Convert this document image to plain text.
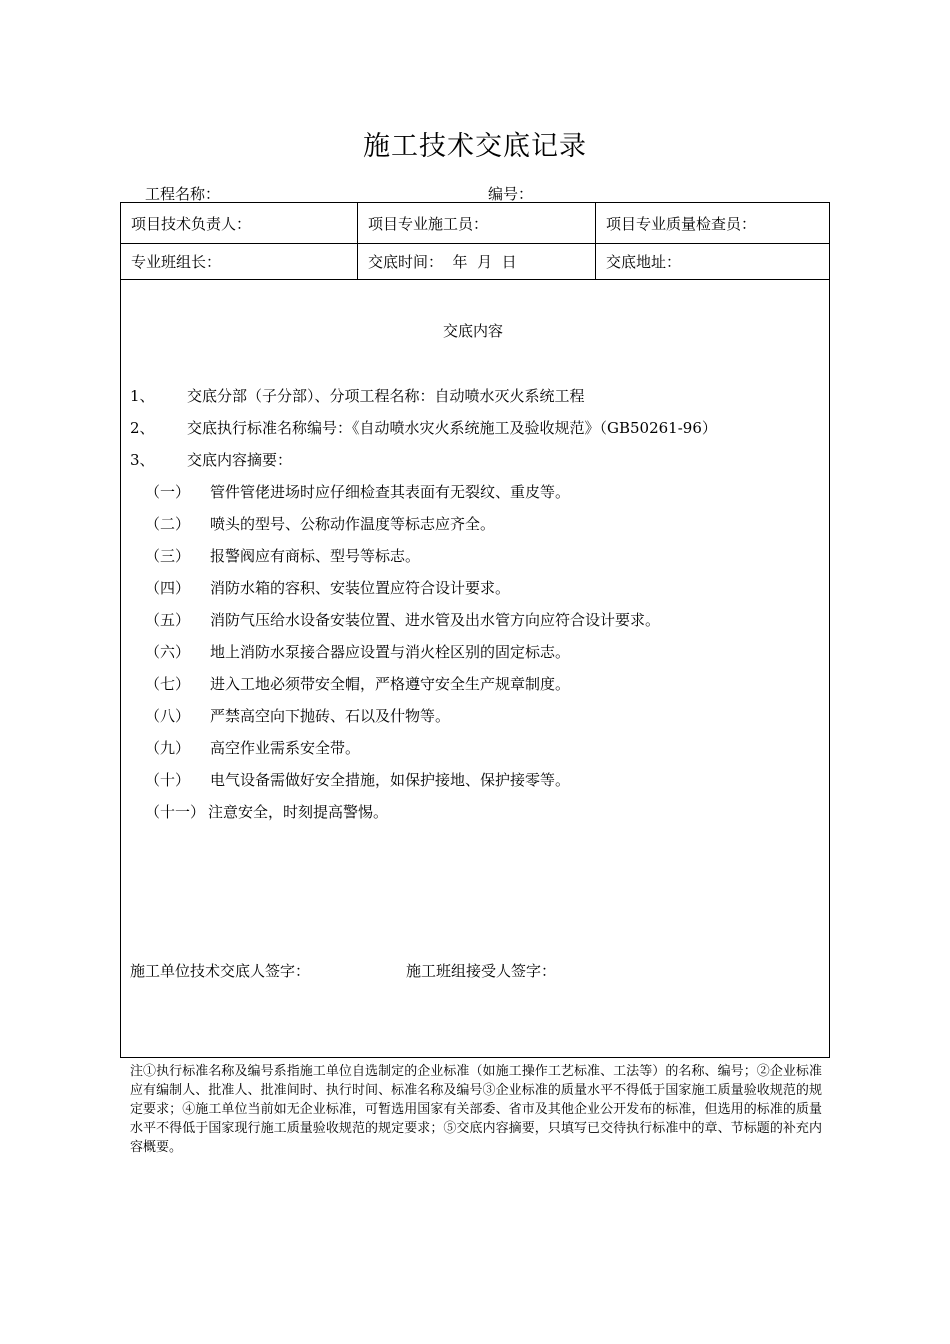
施工技术交底记录
工程名称：	编号：
项目技术负责人：	项目专业施工员：	项目专业质量检查员：
专业班组长：	交底时间：  年  月  日	交底地址：
交底内容
1、 交底分部（子分部）、分项工程名称：自动喷水灭火系统工程
2、 交底执行标准名称编号：《自动喷水灾火系统施工及验收规范》（GB50261-96）
3、 交底内容摘要：
（一） 管件管佬进场时应仔细检查其表面有无裂纹、重皮等。
（二） 喷头的型号、公称动作温度等标志应齐全。
（三） 报警阀应有商标、型号等标志。
（四） 消防水箱的容积、安装位置应符合设计要求。
（五） 消防气压给水设备安装位置、进水管及出水管方向应符合设计要求。
（六） 地上消防水泵接合器应设置与消火栓区别的固定标志。
（七） 进入工地必须带安全帽，严格遵守安全生产规章制度。
（八） 严禁高空向下抛砖、石以及什物等。
（九） 高空作业需系安全带。
（十） 电气设备需做好安全措施，如保护接地、保护接零等。
（十一） 注意安全，时刻提高警惕。
施工单位技术交底人签字：	施工班组接受人签字：
注①执行标准名称及编号系指施工单位自选制定的企业标准（如施工操作工艺标准、工法等）的名称、编号；②企业标准应有编制人、批准人、批准间时、执行时间、标准名称及编号③企业标准的质量水平不得低于国家施工质量验收规范的规定要求；④施工单位当前如无企业标准，可暂选用国家有关部委、省市及其他企业公开发布的标准，但选用的标准的质量水平不得低于国家现行施工质量验收规范的规定要求；⑤交底内容摘要，只填写已交待执行标准中的章、节标题的补充内容概要。
